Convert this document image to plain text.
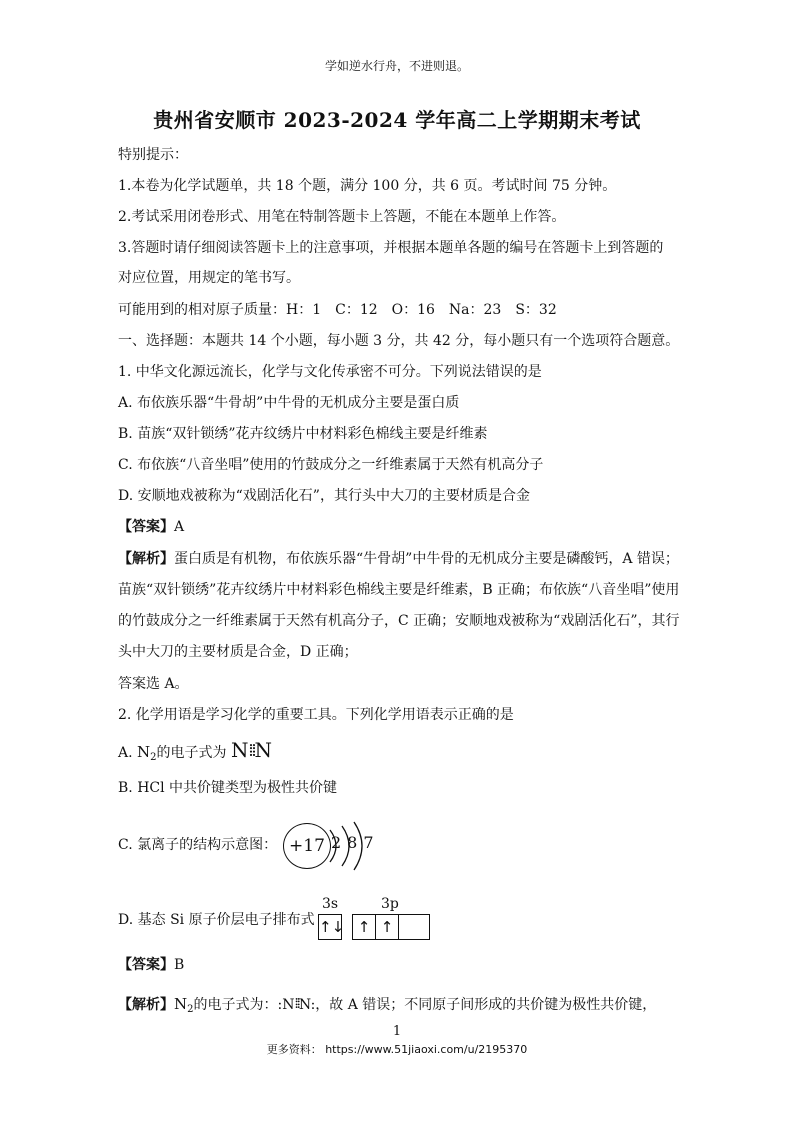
学如逆水行舟，不进则退。
贵州省安顺市 2023-2024 学年高二上学期期末考试
特别提示：
1.本卷为化学试题单，共 18 个题，满分 100 分，共 6 页。考试时间 75 分钟。
2.考试采用闭卷形式、用笔在特制答题卡上答题，不能在本题单上作答。
3.答题时请仔细阅读答题卡上的注意事项，并根据本题单各题的编号在答题卡上到答题的
对应位置，用规定的笔书写。
可能用到的相对原子质量：H：1　C：12　O：16　Na：23　S：32
一、选择题：本题共 14 个小题，每小题 3 分，共 42 分，每小题只有一个选项符合题意。
1. 中华文化源远流长，化学与文化传承密不可分。下列说法错误的是
A. 布依族乐器“牛骨胡”中牛骨的无机成分主要是蛋白质
B. 苗族“双针锁绣”花卉纹绣片中材料彩色棉线主要是纤维素
C. 布依族“八音坐唱”使用的竹鼓成分之一纤维素属于天然有机高分子
D. 安顺地戏被称为“戏剧活化石”，其行头中大刀的主要材质是合金
【答案】A
【解析】蛋白质是有机物，布依族乐器“牛骨胡”中牛骨的无机成分主要是磷酸钙，A 错误；
苗族“双针锁绣”花卉纹绣片中材料彩色棉线主要是纤维素，B 正确；布依族“八音坐唱”使用
的竹鼓成分之一纤维素属于天然有机高分子，C 正确；安顺地戏被称为“戏剧活化石”，其行
头中大刀的主要材质是合金，D 正确；
答案选 A。
2. 化学用语是学习化学的重要工具。下列化学用语表示正确的是
A. $N_2$的电子式为 N⁞⁞N
B. HCl 中共价键类型为极性共价键
C. 氯离子的结构示意图： +17 287
D. 基态 Si 原子价层电子排布式
3s	3p
↑↓ ↑ ↑
【答案】B
【解析】$N_2$的电子式为：:N⁞⁞N:，故 A 错误；不同原子间形成的共价键为极性共价键，
1
更多资料： https://www.51jiaoxi.com/u/2195370
